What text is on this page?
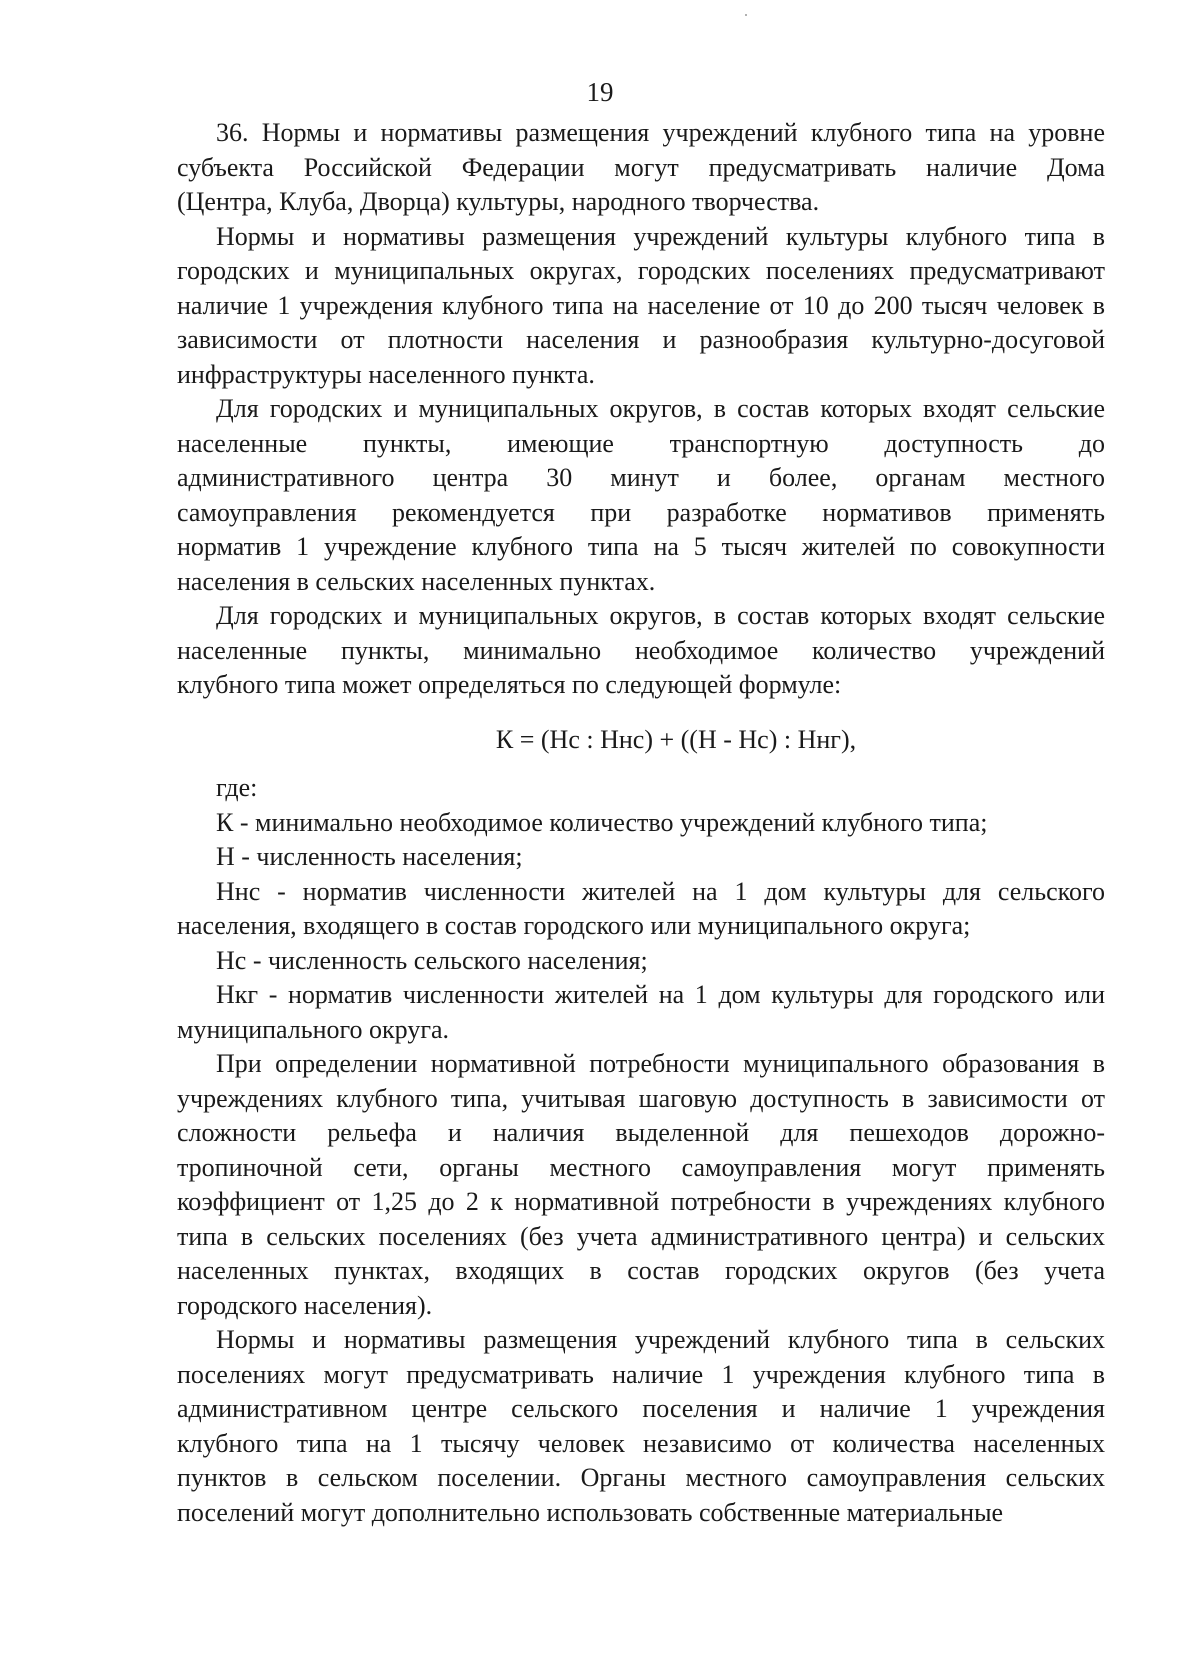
19
36. Нормы и нормативы размещения учреждений клубного типа на уровне
субъекта Российской Федерации могут предусматривать наличие Дома
(Центра, Клуба, Дворца) культуры, народного творчества.
Нормы и нормативы размещения учреждений культуры клубного типа в
городских и муниципальных округах, городских поселениях предусматривают
наличие 1 учреждения клубного типа на население от 10 до 200 тысяч человек в
зависимости от плотности населения и разнообразия культурно-досуговой
инфраструктуры населенного пункта.
Для городских и муниципальных округов, в состав которых входят сельские
населенные пункты, имеющие транспортную доступность до
административного центра 30 минут и более, органам местного
самоуправления рекомендуется при разработке нормативов применять
норматив 1 учреждение клубного типа на 5 тысяч жителей по совокупности
населения в сельских населенных пунктах.
Для городских и муниципальных округов, в состав которых входят сельские
населенные пункты, минимально необходимое количество учреждений
клубного типа может определяться по следующей формуле:
К = (Нс : Ннс) + ((Н - Нс) : Ннг),
где:
К - минимально необходимое количество учреждений клубного типа;
Н - численность населения;
Ннс - норматив численности жителей на 1 дом культуры для сельского
населения, входящего в состав городского или муниципального округа;
Нс - численность сельского населения;
Нкг - норматив численности жителей на 1 дом культуры для городского или
муниципального округа.
При определении нормативной потребности муниципального образования в
учреждениях клубного типа, учитывая шаговую доступность в зависимости от
сложности рельефа и наличия выделенной для пешеходов дорожно-
тропиночной сети, органы местного самоуправления могут применять
коэффициент от 1,25 до 2 к нормативной потребности в учреждениях клубного
типа в сельских поселениях (без учета административного центра) и сельских
населенных пунктах, входящих в состав городских округов (без учета
городского населения).
Нормы и нормативы размещения учреждений клубного типа в сельских
поселениях могут предусматривать наличие 1 учреждения клубного типа в
административном центре сельского поселения и наличие 1 учреждения
клубного типа на 1 тысячу человек независимо от количества населенных
пунктов в сельском поселении. Органы местного самоуправления сельских
поселений могут дополнительно использовать собственные материальные
